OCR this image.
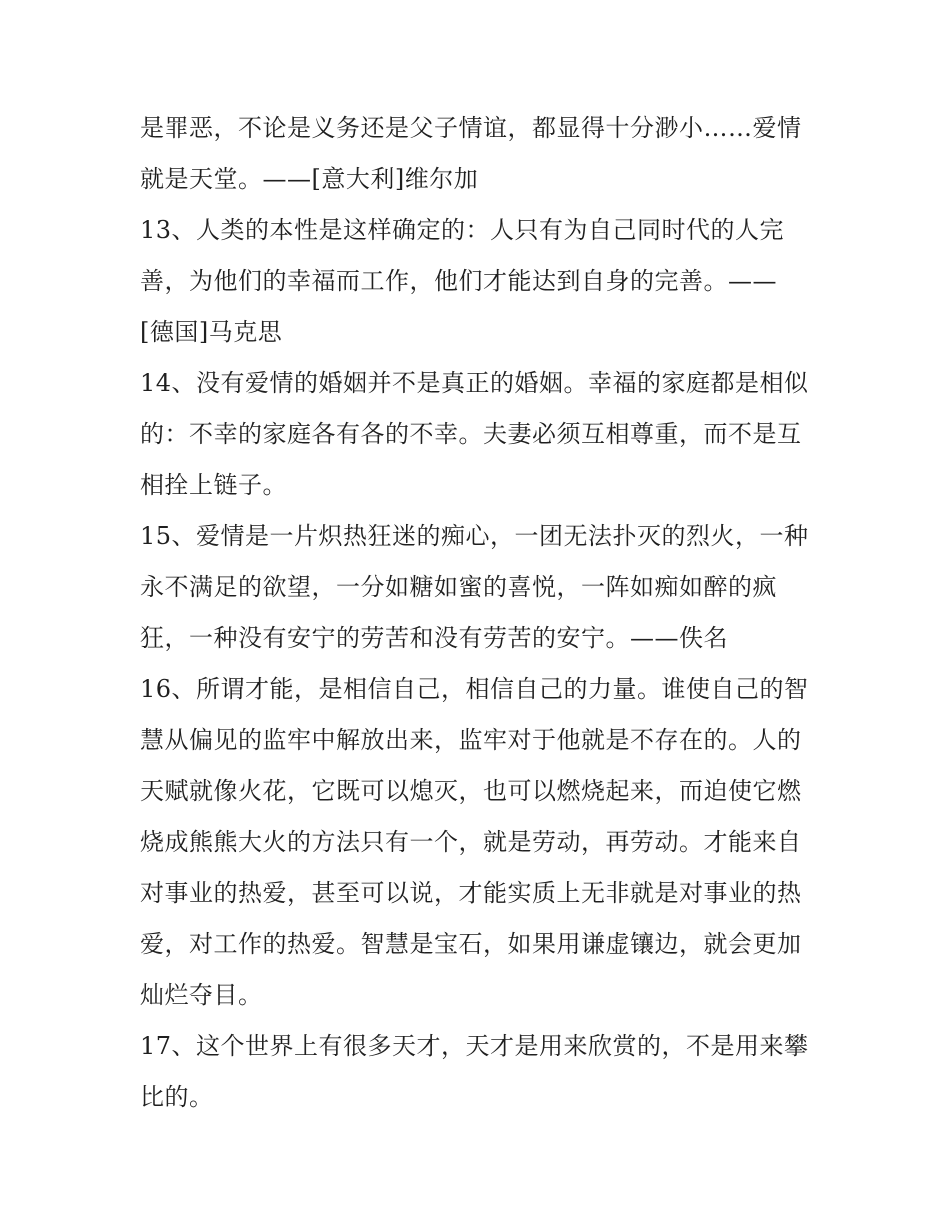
是罪恶，不论是义务还是父子情谊，都显得十分渺小……爱情
就是天堂。——[意大利]维尔加
13、人类的本性是这样确定的：人只有为自己同时代的人完
善，为他们的幸福而工作，他们才能达到自身的完善。——
[德国]马克思
14、没有爱情的婚姻并不是真正的婚姻。幸福的家庭都是相似
的：不幸的家庭各有各的不幸。夫妻必须互相尊重，而不是互
相拴上链子。
15、爱情是一片炽热狂迷的痴心，一团无法扑灭的烈火，一种
永不满足的欲望，一分如糖如蜜的喜悦，一阵如痴如醉的疯
狂，一种没有安宁的劳苦和没有劳苦的安宁。——佚名
16、所谓才能，是相信自己，相信自己的力量。谁使自己的智
慧从偏见的监牢中解放出来，监牢对于他就是不存在的。人的
天赋就像火花，它既可以熄灭，也可以燃烧起来，而迫使它燃
烧成熊熊大火的方法只有一个，就是劳动，再劳动。才能来自
对事业的热爱，甚至可以说，才能实质上无非就是对事业的热
爱，对工作的热爱。智慧是宝石，如果用谦虚镶边，就会更加
灿烂夺目。
17、这个世界上有很多天才，天才是用来欣赏的，不是用来攀
比的。
